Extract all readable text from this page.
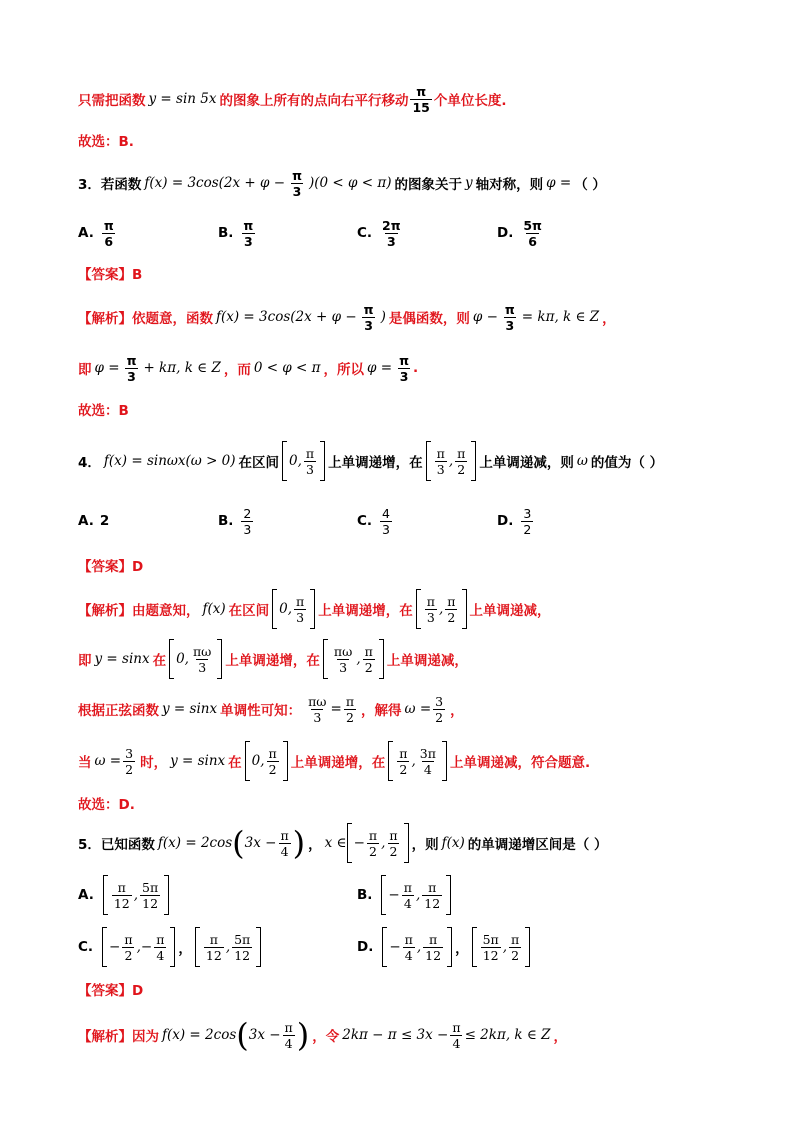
只需把函数 y = sin 5x 的图象上所有的点向右平行移动 $\frac{\pi}{15}$ 个单位长度.
故选：B.
3．若函数 $f(x) = 3\cos(2x + \varphi - \frac{\pi}{3} )(0 < \varphi < \pi)$ 的图象关于 y 轴对称，则 φ = （ ）
A. $\frac{\pi}{6}$	B. $\frac{\pi}{3}$	C. $\frac{2\pi}{3}$	D. $\frac{5\pi}{6}$
【答案】B
【解析】依题意，函数 $f(x) = 3\cos(2x + \varphi - \frac{\pi}{3}$ ) 是偶函数，则 $\varphi - \frac{\pi}{3} = k\pi$, k ∈ Z ，
即 $\varphi = \frac{\pi}{3} + k\pi$, k ∈ Z ，而 0 < φ < π ，所以 $\varphi = \frac{\pi}{3}$ .
故选：B
4． f(x) = sinωx(ω > 0) 在区间 0, $\frac{\pi}{3}$ 上单调递增，在 $\frac{\pi}{3}$ , $\frac{\pi}{2}$ 上单调递减，则 ω 的值为（ ）
A. 2	B. $\frac{2}{3}$	C. $\frac{4}{3}$	D. $\frac{3}{2}$
【答案】D
【解析】由题意知， f(x) 在区间 0, $\frac{\pi}{3}$ 上单调递增，在 $\frac{\pi}{3}$ , $\frac{\pi}{2}$ 上单调递减，
即 y = sinx 在 0, $\frac{\pi\omega}{3}$ 上单调递增，在 $\frac{\pi\omega}{3}$ , $\frac{\pi}{2}$ 上单调递减，
根据正弦函数 y = sinx 单调性可知： $\frac{\pi\omega}{3} = \frac{\pi}{2}$ ，解得 $\omega = \frac{3}{2}$ ，
当 $\omega = \frac{3}{2}$ 时， y = sinx 在 0, $\frac{\pi}{2}$ 上单调递增，在 $\frac{\pi}{2}$ , $\frac{3\pi}{4}$ 上单调递减，符合题意.
故选：D.
5．已知函数 f(x) = 2cos ( $3x - \frac{\pi}{4}$ ) ， x ∈ − $\frac{\pi}{2}$ , $\frac{\pi}{2}$ ，则 f(x) 的单调递增区间是（ ）
A. $\frac{\pi}{12}$ , $\frac{5\pi}{12}$	B.	− $\frac{\pi}{4}$ , $\frac{\pi}{12}$
C.	− $\frac{\pi}{2}$ ,− $\frac{\pi}{4}$ ， $\frac{\pi}{12}$ , $\frac{5\pi}{12}$	D.	− $\frac{\pi}{4}$ , $\frac{\pi}{12}$ ， $\frac{5\pi}{12}$ , $\frac{\pi}{2}$
【答案】D
【解析】因为 f(x) = 2cos ( $3x - \frac{\pi}{4}$ ) ，令 $2k\pi - \pi \le 3x - \frac{\pi}{4} \le 2k\pi$, k ∈ Z ，
